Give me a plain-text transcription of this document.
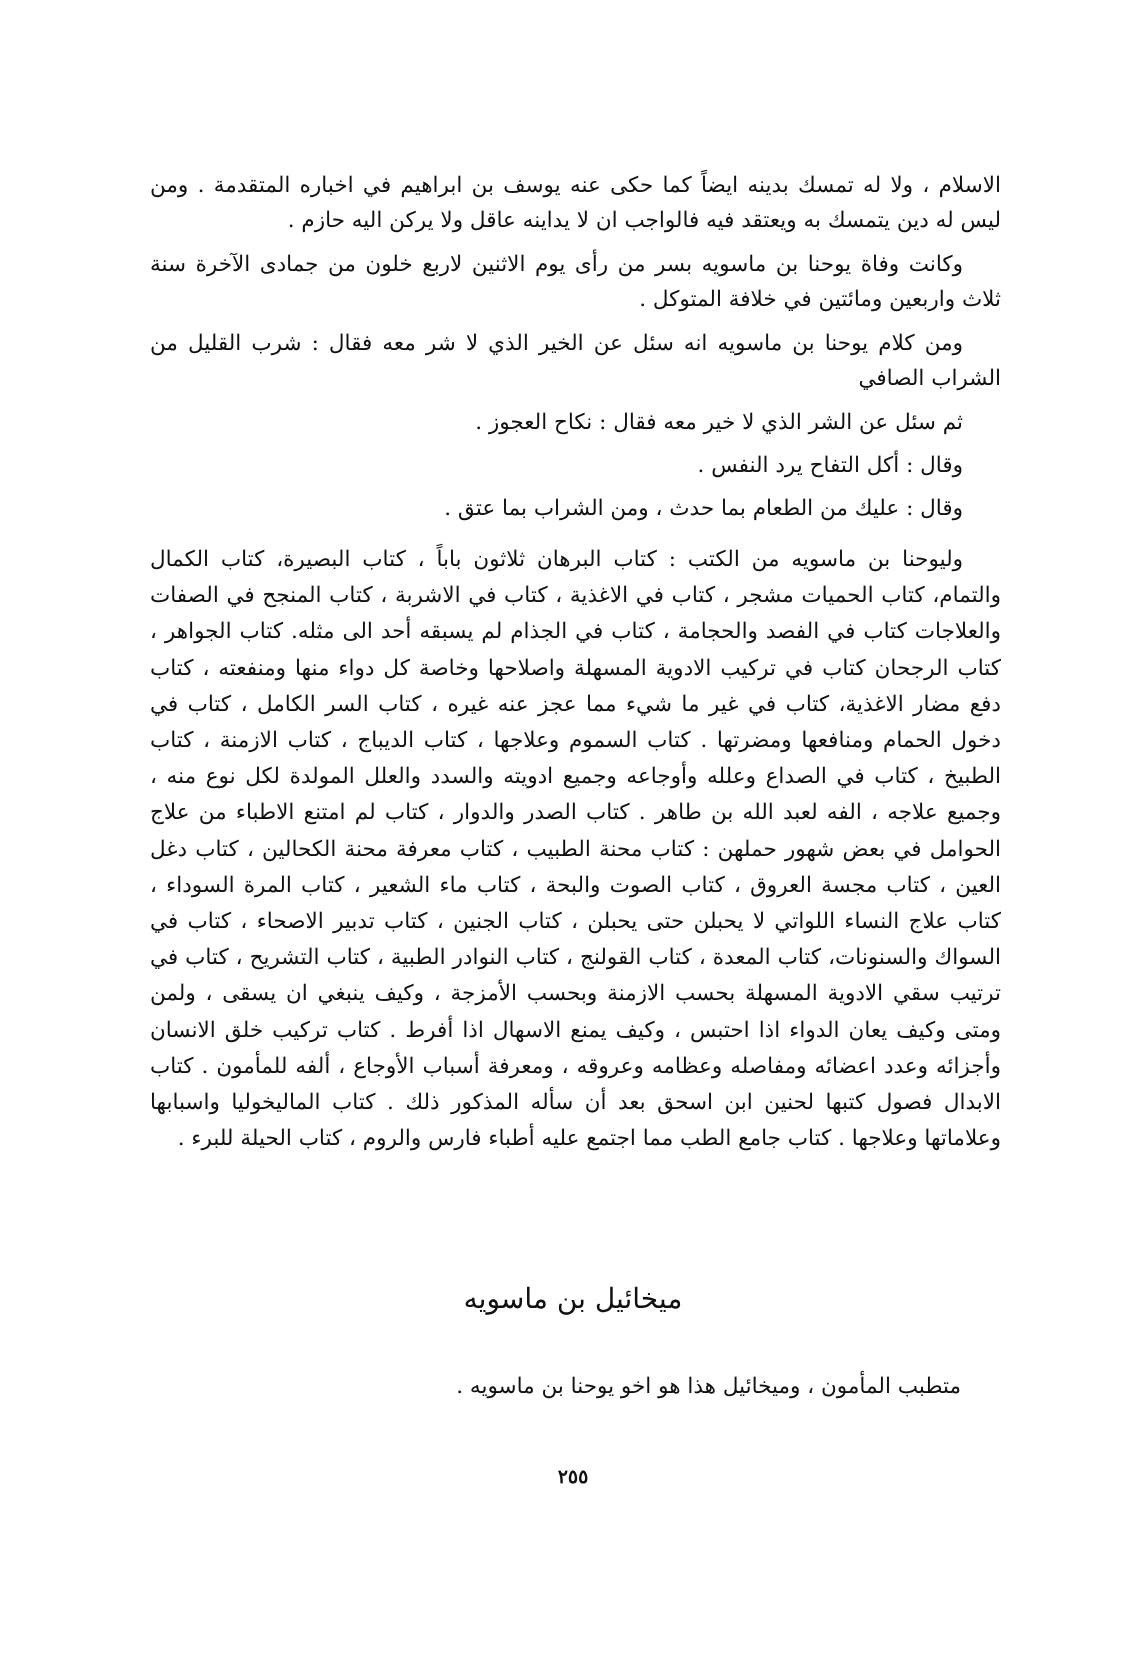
الاسلام ، ولا له تمسك بدينه ايضاً كما حكى عنه يوسف بن ابراهيم في اخباره المتقدمة . ومن ليس له دين يتمسك به ويعتقد فيه فالواجب ان لا يداينه عاقل ولا يركن اليه حازم .

وكانت وفاة يوحنا بن ماسويه بسر من رأى يوم الاثنين لاربع خلون من جمادى الآخرة سنة ثلاث واربعين ومائتين في خلافة المتوكل .

ومن كلام يوحنا بن ماسويه انه سئل عن الخير الذي لا شر معه فقال : شرب القليل من الشراب الصافي

ثم سئل عن الشر الذي لا خير معه فقال : نكاح العجوز .

وقال : أكل التفاح يرد النفس .

وقال : عليك من الطعام بما حدث ، ومن الشراب بما عتق .

وليوحنا بن ماسويه من الكتب : كتاب البرهان ثلاثون باباً ، كتاب البصيرة، كتاب الكمال والتمام، كتاب الحميات مشجر ، كتاب في الاغذية ، كتاب في الاشربة ، كتاب المنجح في الصفات والعلاجات كتاب في الفصد والحجامة ، كتاب في الجذام لم يسبقه أحد الى مثله. كتاب الجواهر ، كتاب الرجحان كتاب في تركيب الادوية المسهلة واصلاحها وخاصة كل دواء منها ومنفعته ، كتاب دفع مضار الاغذية، كتاب في غير ما شيء مما عجز عنه غيره ، كتاب السر الكامل ، كتاب في دخول الحمام ومنافعها ومضرتها . كتاب السموم وعلاجها ، كتاب الديباج ، كتاب الازمنة ، كتاب الطبيخ ، كتاب في الصداع وعلله وأوجاعه وجميع ادويته والسدد والعلل المولدة لكل نوع منه ، وجميع علاجه ، الفه لعبد الله بن طاهر . كتاب الصدر والدوار ، كتاب لم امتنع الاطباء من علاج الحوامل في بعض شهور حملهن : كتاب محنة الطبيب ، كتاب معرفة محنة الكحالين ، كتاب دغل العين ، كتاب مجسة العروق ، كتاب الصوت والبحة ، كتاب ماء الشعير ، كتاب المرة السوداء ، كتاب علاج النساء اللواتي لا يحبلن حتى يحبلن ، كتاب الجنين ، كتاب تدبير الاصحاء ، كتاب في السواك والسنونات، كتاب المعدة ، كتاب القولنج ، كتاب النوادر الطبية ، كتاب التشريح ، كتاب في ترتيب سقي الادوية المسهلة بحسب الازمنة وبحسب الأمزجة ، وكيف ينبغي ان يسقى ، ولمن ومتى وكيف يعان الدواء اذا احتبس ، وكيف يمنع الاسهال اذا أفرط . كتاب تركيب خلق الانسان وأجزائه وعدد اعضائه ومفاصله وعظامه وعروقه ، ومعرفة أسباب الأوجاع ، ألفه للمأمون . كتاب الابدال فصول كتبها لحنين ابن اسحق بعد أن سأله المذكور ذلك . كتاب الماليخوليا واسبابها وعلاماتها وعلاجها . كتاب جامع الطب مما اجتمع عليه أطباء فارس والروم ، كتاب الحيلة للبرء .

ميخائيل بن ماسويه

متطبب المأمون ، وميخائيل هذا هو اخو يوحنا بن ماسويه .

٢٥٥
